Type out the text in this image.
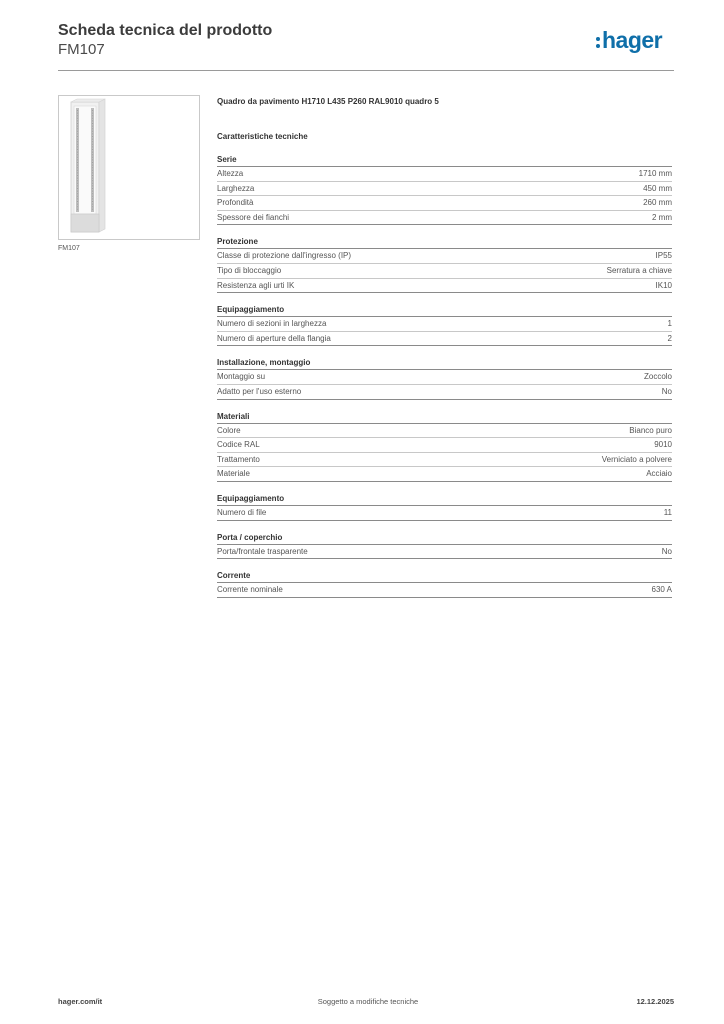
Scheda tecnica del prodotto
FM107	hager
FM107
Quadro da pavimento H1710 L435 P260 RAL9010 quadro 5
Caratteristiche tecniche
Serie
Altezza	1710 mm
Larghezza	450 mm
Profondità	260 mm
Spessore dei fianchi	2 mm
Protezione
Classe di protezione dall'ingresso (IP)	IP55
Tipo di bloccaggio	Serratura a chiave
Resistenza agli urti IK	IK10
Equipaggiamento
Numero di sezioni in larghezza	1
Numero di aperture della flangia	2
Installazione, montaggio
Montaggio su	Zoccolo
Adatto per l'uso esterno	No
Materiali
Colore	Bianco puro
Codice RAL	9010
Trattamento	Verniciato a polvere
Materiale	Acciaio
Equipaggiamento
Numero di file	11
Porta / coperchio
Porta/frontale trasparente	No
Corrente
Corrente nominale	630 A
hager.com/it	Soggetto a modifiche tecniche	12.12.2025
